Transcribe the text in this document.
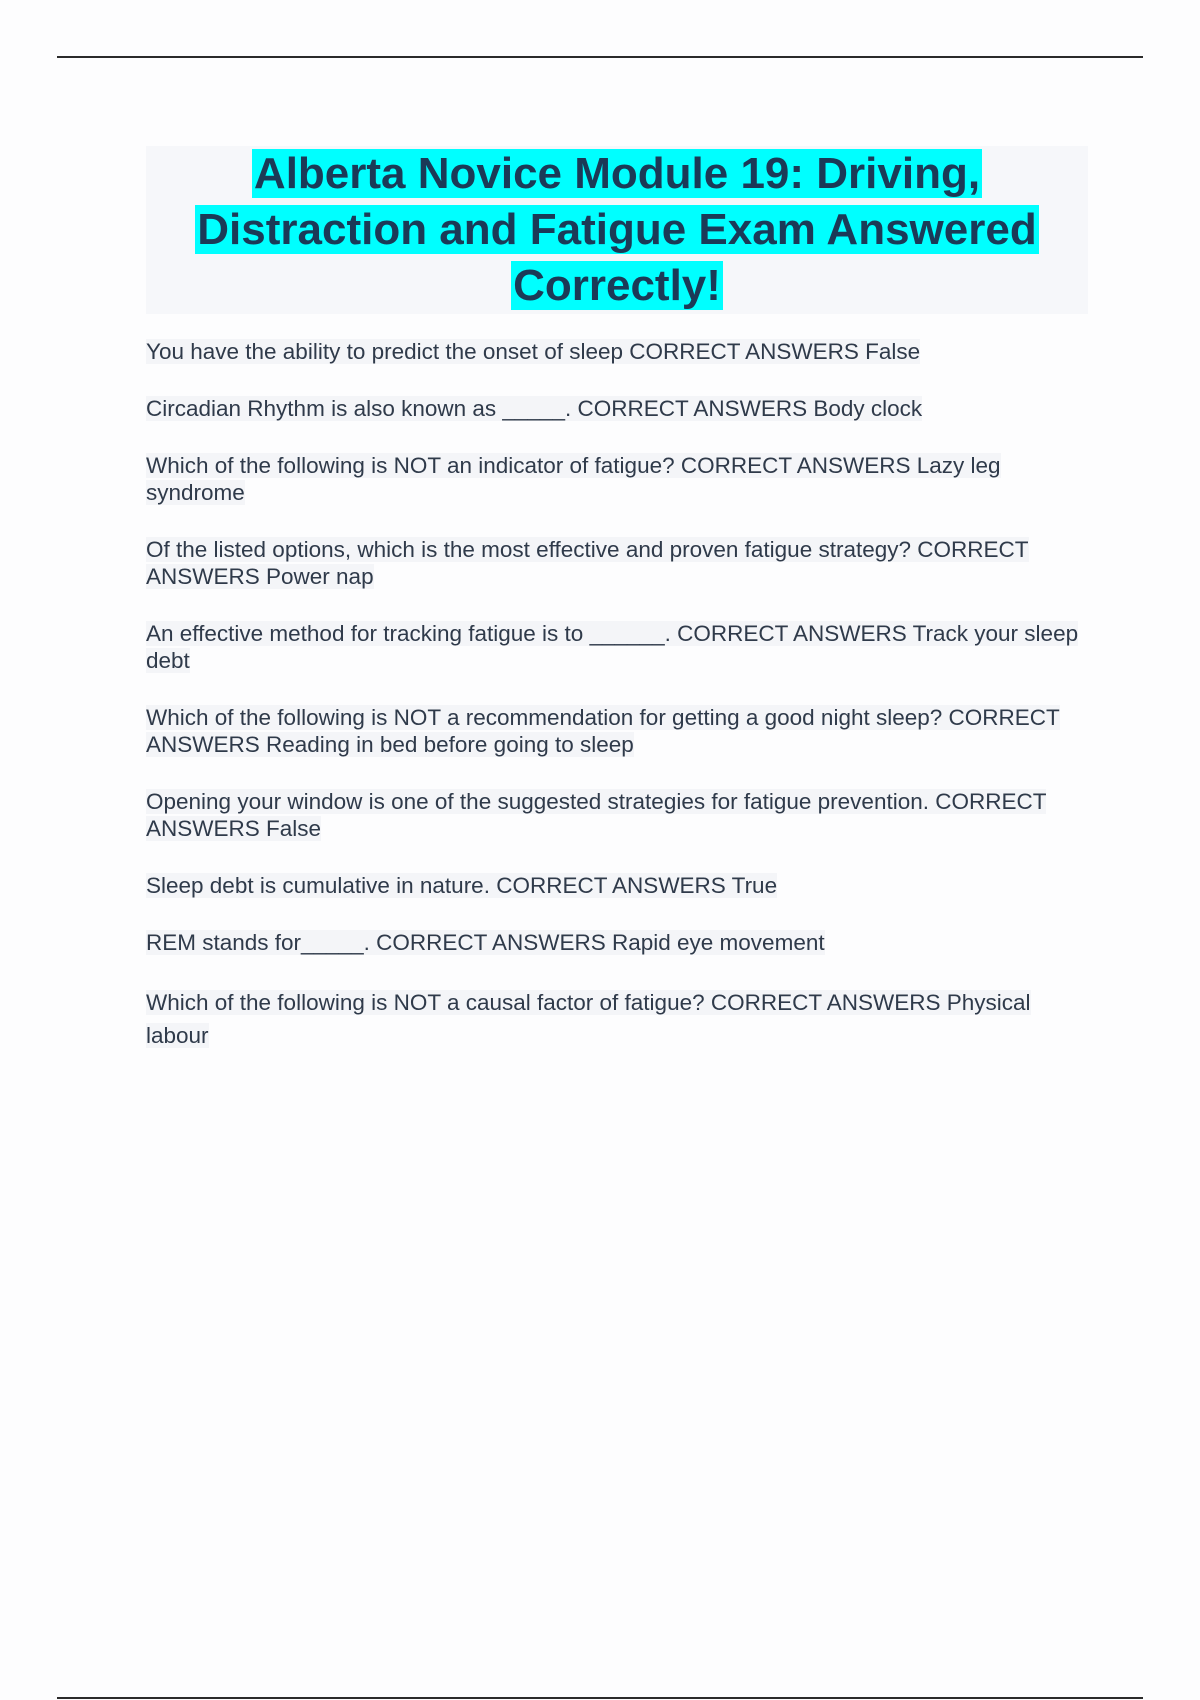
Alberta Novice Module 19: Driving, Distraction and Fatigue Exam Answered Correctly!
You have the ability to predict the onset of sleep CORRECT ANSWERS False
Circadian Rhythm is also known as _____. CORRECT ANSWERS Body clock
Which of the following is NOT an indicator of fatigue? CORRECT ANSWERS Lazy leg syndrome
Of the listed options, which is the most effective and proven fatigue strategy? CORRECT ANSWERS Power nap
An effective method for tracking fatigue is to ______. CORRECT ANSWERS Track your sleep debt
Which of the following is NOT a recommendation for getting a good night sleep? CORRECT ANSWERS Reading in bed before going to sleep
Opening your window is one of the suggested strategies for fatigue prevention. CORRECT ANSWERS False
Sleep debt is cumulative in nature. CORRECT ANSWERS True
REM stands for_____. CORRECT ANSWERS Rapid eye movement
Which of the following is NOT a causal factor of fatigue? CORRECT ANSWERS Physical labour
